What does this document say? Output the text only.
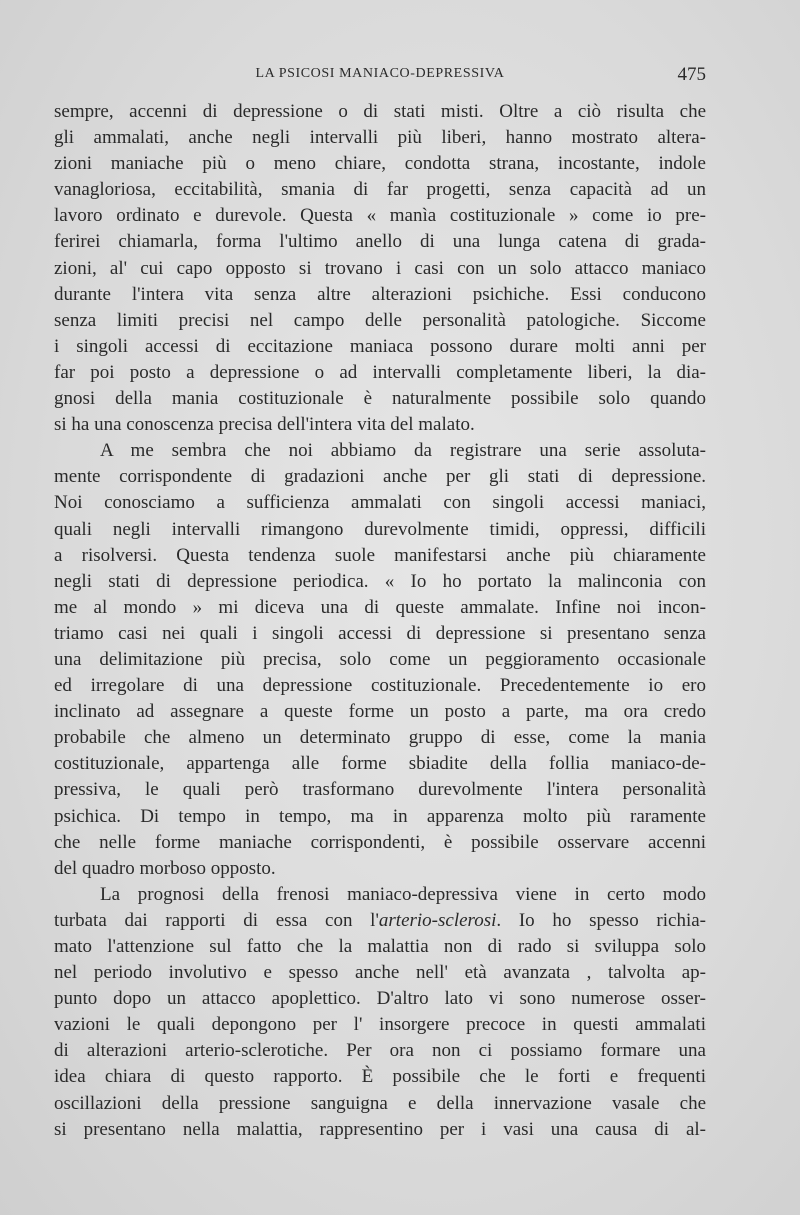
LA PSICOSI MANIACO-DEPRESSIVA	475
sempre, accenni di depressione o di stati misti. Oltre a ciò risulta che
gli ammalati, anche negli intervalli più liberi, hanno mostrato altera-
zioni maniache più o meno chiare, condotta strana, incostante, indole
vanagloriosa, eccitabilità, smania di far progetti, senza capacità ad un
lavoro ordinato e durevole. Questa « manìa costituzionale » come io pre-
ferirei chiamarla, forma l'ultimo anello di una lunga catena di grada-
zioni, al' cui capo opposto si trovano i casi con un solo attacco maniaco
durante l'intera vita senza altre alterazioni psichiche. Essi conducono
senza limiti precisi nel campo delle personalità patologiche. Siccome
i singoli accessi di eccitazione maniaca possono durare molti anni per
far poi posto a depressione o ad intervalli completamente liberi, la dia-
gnosi della mania costituzionale è naturalmente possibile solo quando
si ha una conoscenza precisa dell'intera vita del malato.
A me sembra che noi abbiamo da registrare una serie assoluta-
mente corrispondente di gradazioni anche per gli stati di depressione.
Noi conosciamo a sufficienza ammalati con singoli accessi maniaci,
quali negli intervalli rimangono durevolmente timidi, oppressi, difficili
a risolversi. Questa tendenza suole manifestarsi anche più chiaramente
negli stati di depressione periodica. « Io ho portato la malinconia con
me al mondo » mi diceva una di queste ammalate. Infine noi incon-
triamo casi nei quali i singoli accessi di depressione si presentano senza
una delimitazione più precisa, solo come un peggioramento occasionale
ed irregolare di una depressione costituzionale. Precedentemente io ero
inclinato ad assegnare a queste forme un posto a parte, ma ora credo
probabile che almeno un determinato gruppo di esse, come la mania
costituzionale, appartenga alle forme sbiadite della follia maniaco-de-
pressiva, le quali però trasformano durevolmente l'intera personalità
psichica. Di tempo in tempo, ma in apparenza molto più raramente
che nelle forme maniache corrispondenti, è possibile osservare accenni
del quadro morboso opposto.
La prognosi della frenosi maniaco-depressiva viene in certo modo
turbata dai rapporti di essa con l'arterio-sclerosi. Io ho spesso richia-
mato l'attenzione sul fatto che la malattia non di rado si sviluppa solo
nel periodo involutivo e spesso anche nell' età avanzata , talvolta ap-
punto dopo un attacco apoplettico. D'altro lato vi sono numerose osser-
vazioni le quali depongono per l' insorgere precoce in questi ammalati
di alterazioni arterio-sclerotiche. Per ora non ci possiamo formare una
idea chiara di questo rapporto. È possibile che le forti e frequenti
oscillazioni della pressione sanguigna e della innervazione vasale che
si presentano nella malattia, rappresentino per i vasi una causa di al-
